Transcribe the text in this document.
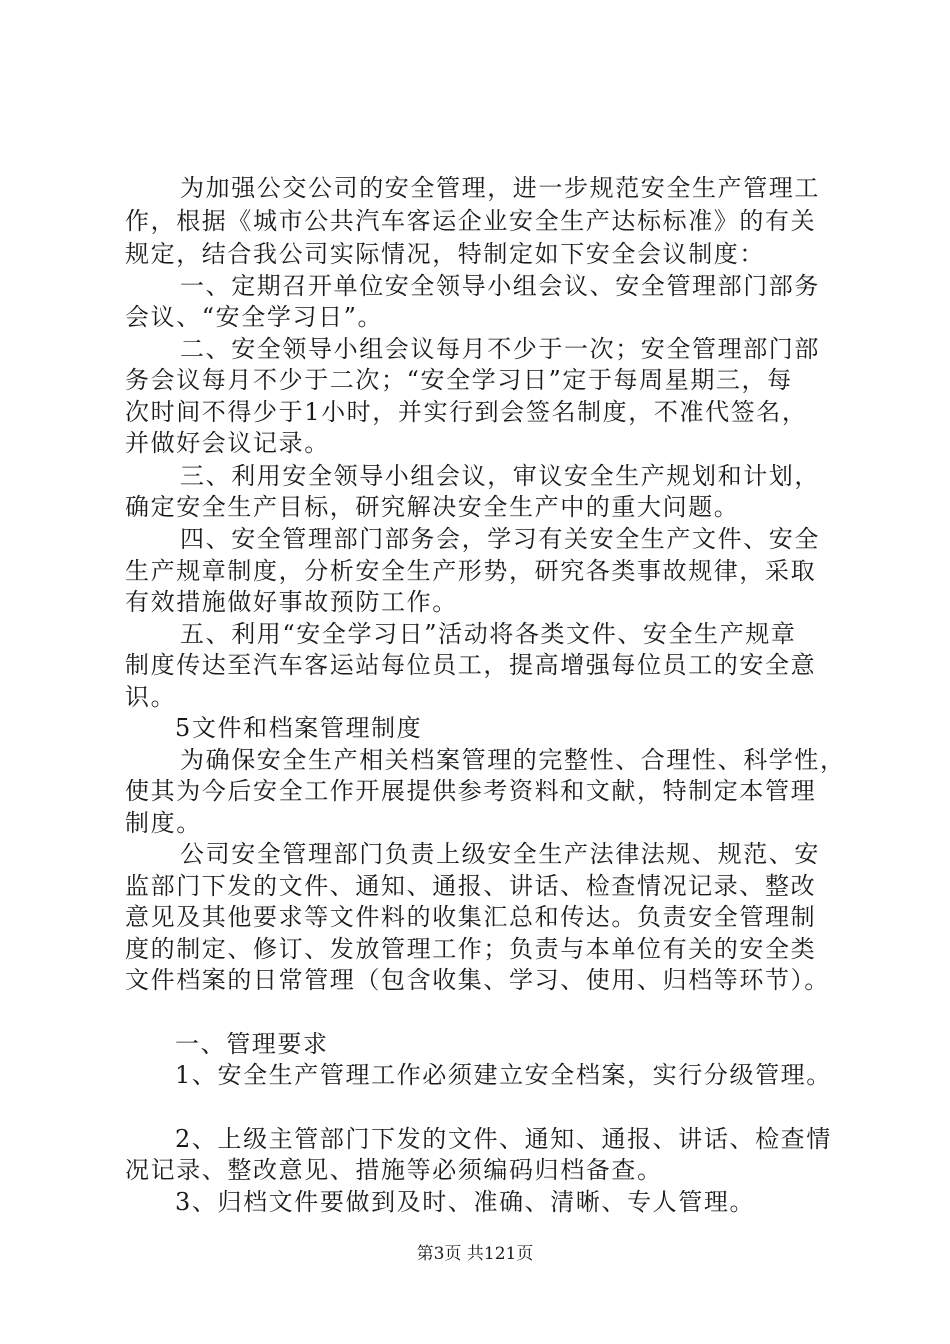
为加强公交公司的安全管理，进一步规范安全生产管理工
作，根据《城市公共汽车客运企业安全生产达标标准》的有关
规定，结合我公司实际情况，特制定如下安全会议制度：
一、定期召开单位安全领导小组会议、安全管理部门部务
会议、“安全学习日”。
二、安全领导小组会议每月不少于一次；安全管理部门部
务会议每月不少于二次；“安全学习日”定于每周星期三，每
次时间不得少于1小时，并实行到会签名制度，不准代签名，
并做好会议记录。
三、利用安全领导小组会议，审议安全生产规划和计划，
确定安全生产目标，研究解决安全生产中的重大问题。
四、安全管理部门部务会，学习有关安全生产文件、安全
生产规章制度，分析安全生产形势，研究各类事故规律，采取
有效措施做好事故预防工作。
五、利用“安全学习日”活动将各类文件、安全生产规章
制度传达至汽车客运站每位员工，提高增强每位员工的安全意
识。
5文件和档案管理制度
为确保安全生产相关档案管理的完整性、合理性、科学性，
使其为今后安全工作开展提供参考资料和文献，特制定本管理
制度。
公司安全管理部门负责上级安全生产法律法规、规范、安
监部门下发的文件、通知、通报、讲话、检查情况记录、整改
意见及其他要求等文件料的收集汇总和传达。负责安全管理制
度的制定、修订、发放管理工作；负责与本单位有关的安全类
文件档案的日常管理（包含收集、学习、使用、归档等环节）。
一、管理要求
1、安全生产管理工作必须建立安全档案，实行分级管理。
2、上级主管部门下发的文件、通知、通报、讲话、检查情
况记录、整改意见、措施等必须编码归档备查。
3、归档文件要做到及时、准确、清晰、专人管理。
第3页 共121页
